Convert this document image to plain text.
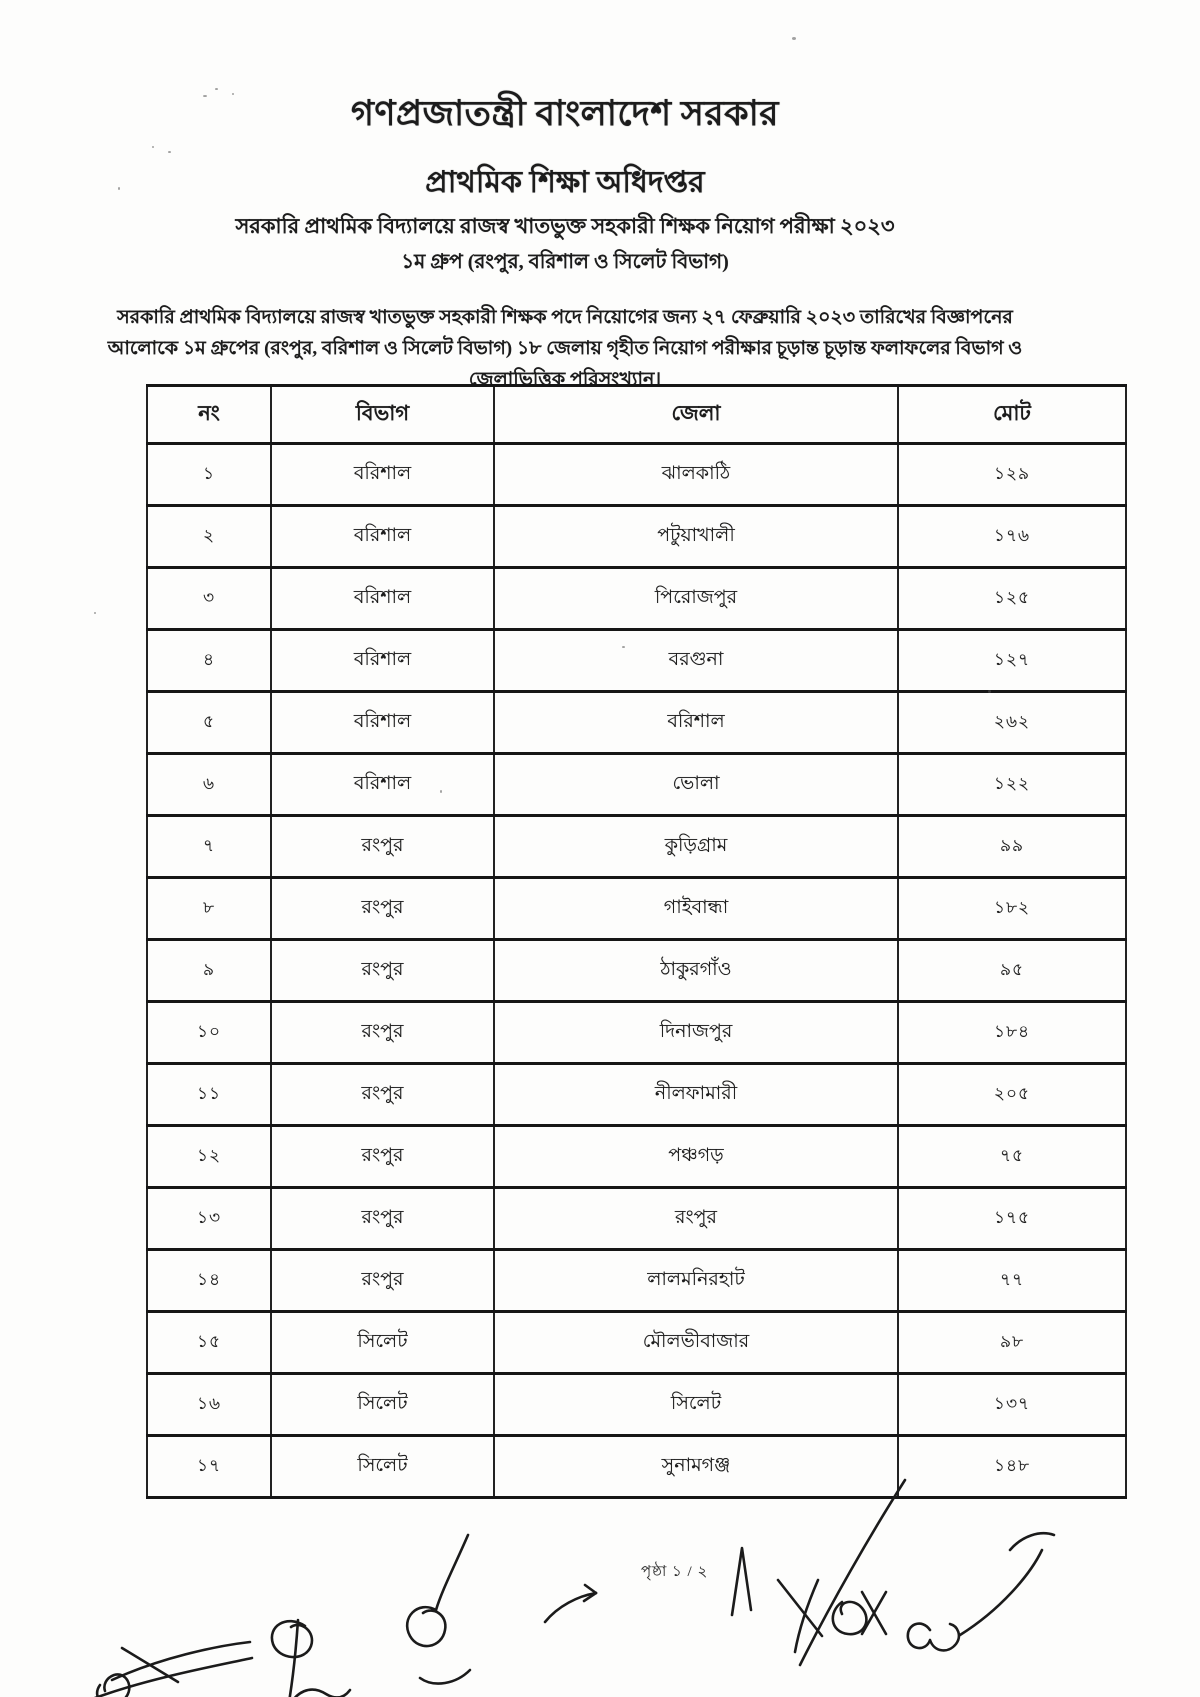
গণপ্রজাতন্ত্রী বাংলাদেশ সরকার
প্রাথমিক শিক্ষা অধিদপ্তর
সরকারি প্রাথমিক বিদ্যালয়ে রাজস্ব খাতভুক্ত সহকারী শিক্ষক নিয়োগ পরীক্ষা ২০২৩
১ম গ্রুপ (রংপুর, বরিশাল ও সিলেট বিভাগ)
সরকারি প্রাথমিক বিদ্যালয়ে রাজস্ব খাতভুক্ত সহকারী শিক্ষক পদে নিয়োগের জন্য ২৭ ফেব্রুয়ারি ২০২৩ তারিখের বিজ্ঞাপনের
আলোকে ১ম গ্রুপের (রংপুর, বরিশাল ও সিলেট বিভাগ) ১৮ জেলায় গৃহীত নিয়োগ পরীক্ষার চূড়ান্ত চূড়ান্ত ফলাফলের বিভাগ ও
জেলাভিত্তিক পরিসংখ্যান।
নং	বিভাগ	জেলা	মোট
১	বরিশাল	ঝালকাঠি	১২৯
২	বরিশাল	পটুয়াখালী	১৭৬
৩	বরিশাল	পিরোজপুর	১২৫
৪	বরিশাল	বরগুনা	১২৭
৫	বরিশাল	বরিশাল	২৬২
৬	বরিশাল	ভোলা	১২২
৭	রংপুর	কুড়িগ্রাম	৯৯
৮	রংপুর	গাইবান্ধা	১৮২
৯	রংপুর	ঠাকুরগাঁও	৯৫
১০	রংপুর	দিনাজপুর	১৮৪
১১	রংপুর	নীলফামারী	২০৫
১২	রংপুর	পঞ্চগড়	৭৫
১৩	রংপুর	রংপুর	১৭৫
১৪	রংপুর	লালমনিরহাট	৭৭
১৫	সিলেট	মৌলভীবাজার	৯৮
১৬	সিলেট	সিলেট	১৩৭
১৭	সিলেট	সুনামগঞ্জ	১৪৮
পৃষ্ঠা ১ / ২
